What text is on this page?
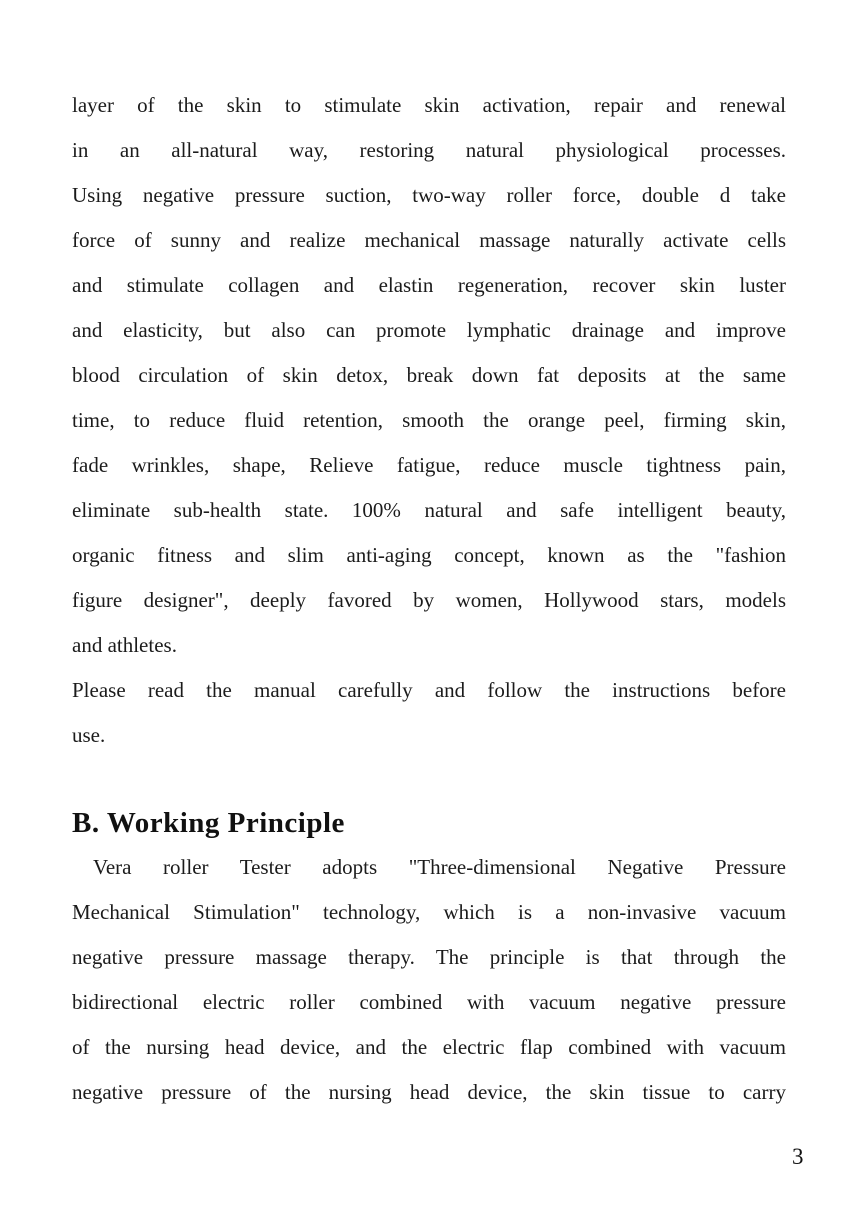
layer of the skin to stimulate skin activation, repair and renewal
in an all-natural way, restoring natural physiological processes.
Using negative pressure suction, two-way roller force, double d take
force of sunny and realize mechanical massage naturally activate cells
and stimulate collagen and elastin regeneration, recover skin luster
and elasticity, but also can promote lymphatic drainage and improve
blood circulation of skin detox, break down fat deposits at the same
time, to reduce fluid retention, smooth the orange peel, firming skin,
fade wrinkles, shape, Relieve fatigue, reduce muscle tightness pain,
eliminate sub-health state. 100% natural and safe intelligent beauty,
organic fitness and slim anti-aging concept, known as the "fashion
figure designer", deeply favored by women, Hollywood stars, models
and athletes.
Please read the manual carefully and follow the instructions before
use.
B. Working Principle
Vera roller Tester adopts "Three-dimensional Negative Pressure
Mechanical Stimulation" technology, which is a non-invasive vacuum
negative pressure massage therapy. The principle is that through the
bidirectional electric roller combined with vacuum negative pressure
of the nursing head device, and the electric flap combined with vacuum
negative pressure of the nursing head device, the skin tissue to carry
3
